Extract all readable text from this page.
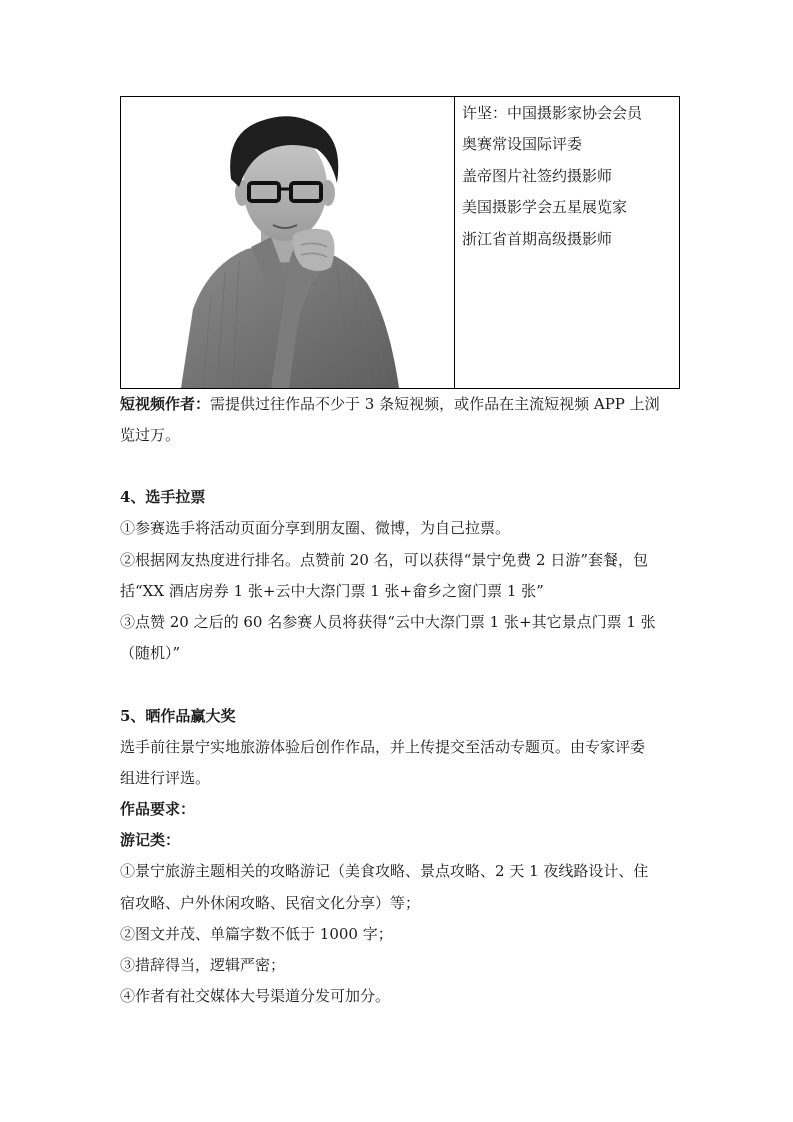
许坚：中国摄影家协会会员
奥赛常设国际评委
盖帝图片社签约摄影师
美国摄影学会五星展览家
浙江省首期高级摄影师
短视频作者：需提供过往作品不少于 3 条短视频，或作品在主流短视频 APP 上浏
览过万。
4、选手拉票
①参赛选手将活动页面分享到朋友圈、微博，为自己拉票。
②根据网友热度进行排名。点赞前 20 名，可以获得“景宁免费 2 日游”套餐，包
括“XX 酒店房券 1 张+云中大漈门票 1 张+畲乡之窗门票 1 张”
③点赞 20 之后的 60 名参赛人员将获得“云中大漈门票 1 张+其它景点门票 1 张
（随机）”
5、晒作品赢大奖
选手前往景宁实地旅游体验后创作作品，并上传提交至活动专题页。由专家评委
组进行评选。
作品要求：
游记类：
①景宁旅游主题相关的攻略游记（美食攻略、景点攻略、2 天 1 夜线路设计、住
宿攻略、户外休闲攻略、民宿文化分享）等；
②图文并茂、单篇字数不低于 1000 字；
③措辞得当，逻辑严密；
④作者有社交媒体大号渠道分发可加分。
